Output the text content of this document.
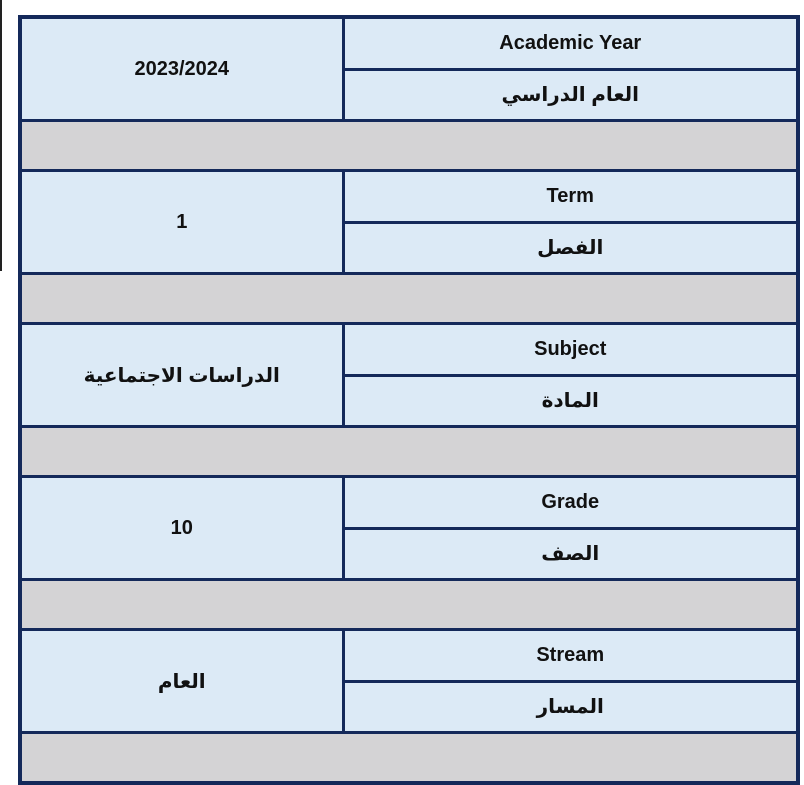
2023/2024	Academic Year
	العام الدراسي

1	Term
	الفصل

الدراسات الاجتماعية	Subject
	المادة

10	Grade
	الصف

العام	Stream
	المسار
